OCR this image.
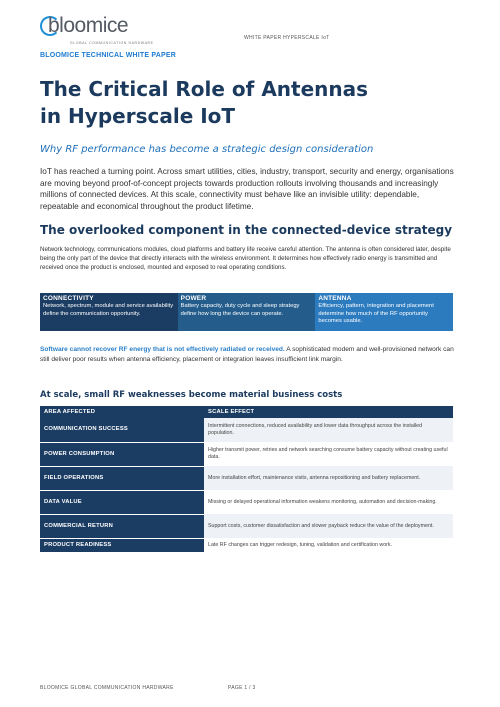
bloomice
GLOBAL COMMUNICATION HARDWARE
WHITE PAPER HYPERSCALE IoT
BLOOMICE TECHNICAL WHITE PAPER
The Critical Role of Antennas
in Hyperscale IoT
Why RF performance has become a strategic design consideration

IoT has reached a turning point. Across smart utilities, cities, industry, transport, security and energy, organisations are moving beyond proof-of-concept projects towards production rollouts involving thousands and increasingly millions of connected devices. At this scale, connectivity must behave like an invisible utility: dependable, repeatable and economical throughout the product lifetime.

The overlooked component in the connected-device strategy

Network technology, communications modules, cloud platforms and battery life receive careful attention. The antenna is often considered later, despite being the only part of the device that directly interacts with the wireless environment. It determines how effectively radio energy is transmitted and received once the product is enclosed, mounted and exposed to real operating conditions.

CONNECTIVITY
Network, spectrum, module and service availability define the communication opportunity.
POWER
Battery capacity, duty cycle and sleep strategy define how long the device can operate.
ANTENNA
Efficiency, pattern, integration and placement determine how much of the RF opportunity becomes usable.

Software cannot recover RF energy that is not effectively radiated or received. A sophisticated modem and well-provisioned network can still deliver poor results when antenna efficiency, placement or integration leaves insufficient link margin.

At scale, small RF weaknesses become material business costs
AREA AFFECTED	SCALE EFFECT
COMMUNICATION SUCCESS	Intermittent connections, reduced availability and lower data throughput across the installed population.
POWER CONSUMPTION	Higher transmit power, retries and network searching consume battery capacity without creating useful data.
FIELD OPERATIONS	More installation effort, maintenance visits, antenna repositioning and battery replacement.
DATA VALUE	Missing or delayed operational information weakens monitoring, automation and decision-making.
COMMERCIAL RETURN	Support costs, customer dissatisfaction and slower payback reduce the value of the deployment.
PRODUCT READINESS	Late RF changes can trigger redesign, tuning, validation and certification work.
BLOOMICE GLOBAL COMMUNICATION HARDWARE	PAGE 1 / 3
